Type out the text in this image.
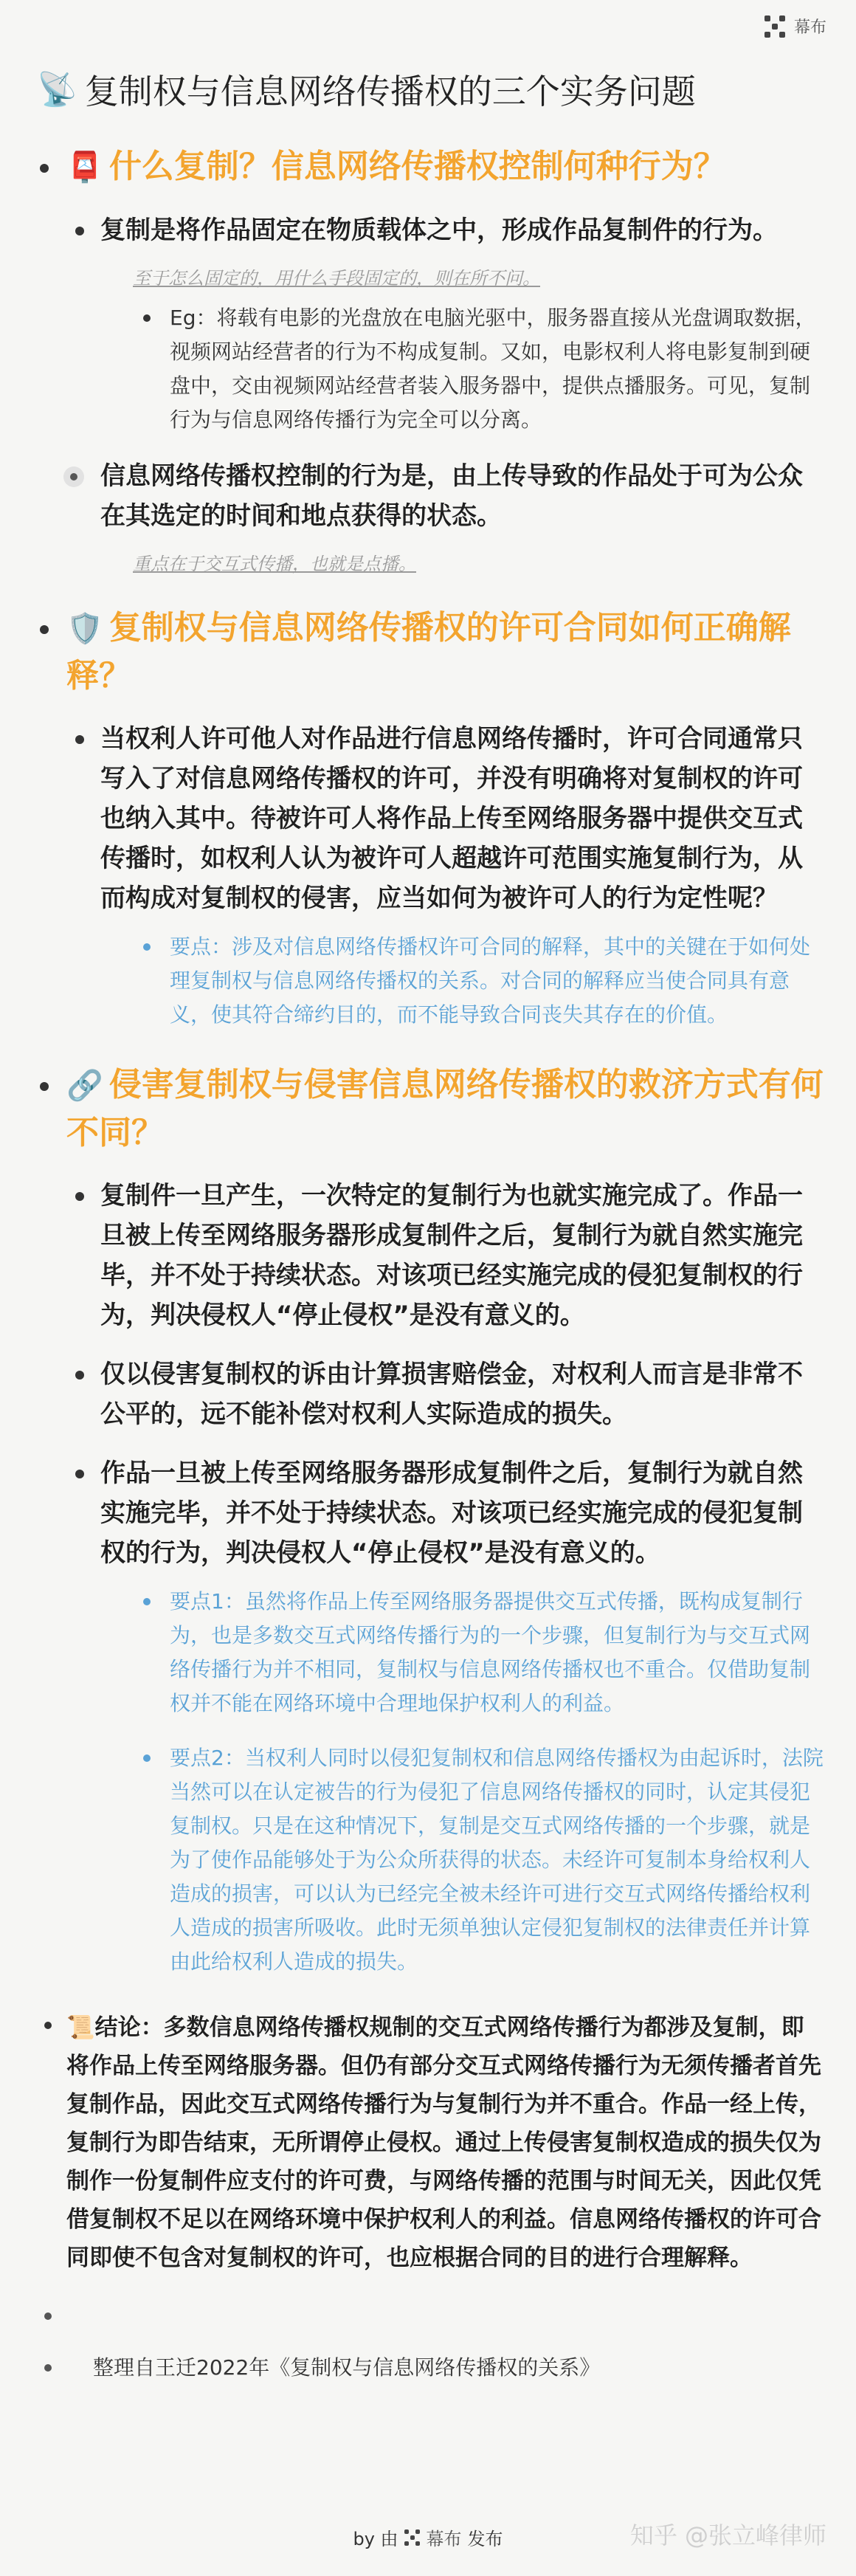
幕布
📡 复制权与信息网络传播权的三个实务问题
📮 什么复制？信息网络传播权控制何种行为？
复制是将作品固定在物质载体之中，形成作品复制件的行为。
至于怎么固定的，用什么手段固定的，则在所不问。
Eg：将载有电影的光盘放在电脑光驱中，服务器直接从光盘调取数据，视频网站经营者的行为不构成复制。又如，电影权利人将电影复制到硬盘中，交由视频网站经营者装入服务器中，提供点播服务。可见，复制行为与信息网络传播行为完全可以分离。
信息网络传播权控制的行为是，由上传导致的作品处于可为公众在其选定的时间和地点获得的状态。
重点在于交互式传播，也就是点播。
🛡️ 复制权与信息网络传播权的许可合同如何正确解释？
当权利人许可他人对作品进行信息网络传播时，许可合同通常只写入了对信息网络传播权的许可，并没有明确将对复制权的许可也纳入其中。待被许可人将作品上传至网络服务器中提供交互式传播时，如权利人认为被许可人超越许可范围实施复制行为，从而构成对复制权的侵害，应当如何为被许可人的行为定性呢？
要点：涉及对信息网络传播权许可合同的解释，其中的关键在于如何处理复制权与信息网络传播权的关系。对合同的解释应当使合同具有意义，使其符合缔约目的，而不能导致合同丧失其存在的价值。
🔗 侵害复制权与侵害信息网络传播权的救济方式有何不同？
复制件一旦产生，一次特定的复制行为也就实施完成了。作品一旦被上传至网络服务器形成复制件之后，复制行为就自然实施完毕，并不处于持续状态。对该项已经实施完成的侵犯复制权的行为，判决侵权人“停止侵权”是没有意义的。
仅以侵害复制权的诉由计算损害赔偿金，对权利人而言是非常不公平的，远不能补偿对权利人实际造成的损失。
作品一旦被上传至网络服务器形成复制件之后，复制行为就自然实施完毕，并不处于持续状态。对该项已经实施完成的侵犯复制权的行为，判决侵权人“停止侵权”是没有意义的。
要点1：虽然将作品上传至网络服务器提供交互式传播，既构成复制行为，也是多数交互式网络传播行为的一个步骤，但复制行为与交互式网络传播行为并不相同，复制权与信息网络传播权也不重合。仅借助复制权并不能在网络环境中合理地保护权利人的利益。
要点2：当权利人同时以侵犯复制权和信息网络传播权为由起诉时，法院当然可以在认定被告的行为侵犯了信息网络传播权的同时，认定其侵犯复制权。只是在这种情况下，复制是交互式网络传播的一个步骤，就是为了使作品能够处于为公众所获得的状态。未经许可复制本身给权利人造成的损害，可以认为已经完全被未经许可进行交互式网络传播给权利人造成的损害所吸收。此时无须单独认定侵犯复制权的法律责任并计算由此给权利人造成的损失。
📜结论：多数信息网络传播权规制的交互式网络传播行为都涉及复制，即将作品上传至网络服务器。但仍有部分交互式网络传播行为无须传播者首先复制作品，因此交互式网络传播行为与复制行为并不重合。作品一经上传，复制行为即告结束，无所谓停止侵权。通过上传侵害复制权造成的损失仅为制作一份复制件应支付的许可费，与网络传播的范围与时间无关，因此仅凭借复制权不足以在网络环境中保护权利人的利益。信息网络传播权的许可合同即使不包含对复制权的许可，也应根据合同的目的进行合理解释。
整理自王迁2022年《复制权与信息网络传播权的关系》
by 由 幕布 发布	知乎 @张立峰律师
